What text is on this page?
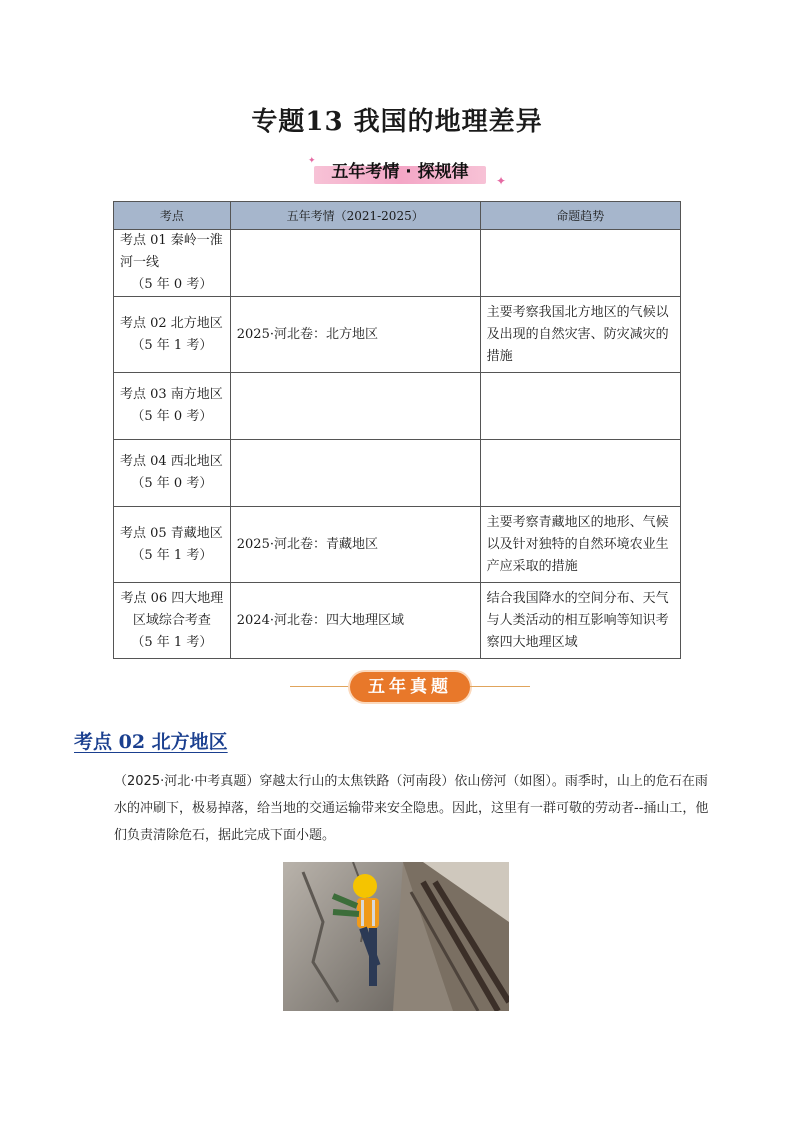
专题13 我国的地理差异
五年考情 · 探规律	✦
✦
考点	五年考情（2021-2025）	命题趋势

考点 01 秦岭一淮河一线
（5 年 0 考）		

考点 02 北方地区
（5 年 1 考）	2025·河北卷：北方地区	主要考察我国北方地区的气候以及出现的自然灾害、防灾减灾的措施

考点 03 南方地区
（5 年 0 考）		

考点 04 西北地区
（5 年 0 考）		

考点 05 青藏地区
（5 年 1 考）	2025·河北卷：青藏地区	主要考察青藏地区的地形、气候以及针对独特的自然环境农业生产应采取的措施

考点 06 四大地理区域综合考查
（5 年 1 考）	2024·河北卷：四大地理区域	结合我国降水的空间分布、天气与人类活动的相互影响等知识考察四大地理区域
五年真题
考点 02 北方地区
（2025·河北·中考真题）穿越太行山的太焦铁路（河南段）依山傍河（如图）。雨季时，山上的危石在雨水的冲刷下，极易掉落，给当地的交通运输带来安全隐患。因此，这里有一群可敬的劳动者--捅山工，他们负责清除危石，据此完成下面小题。
